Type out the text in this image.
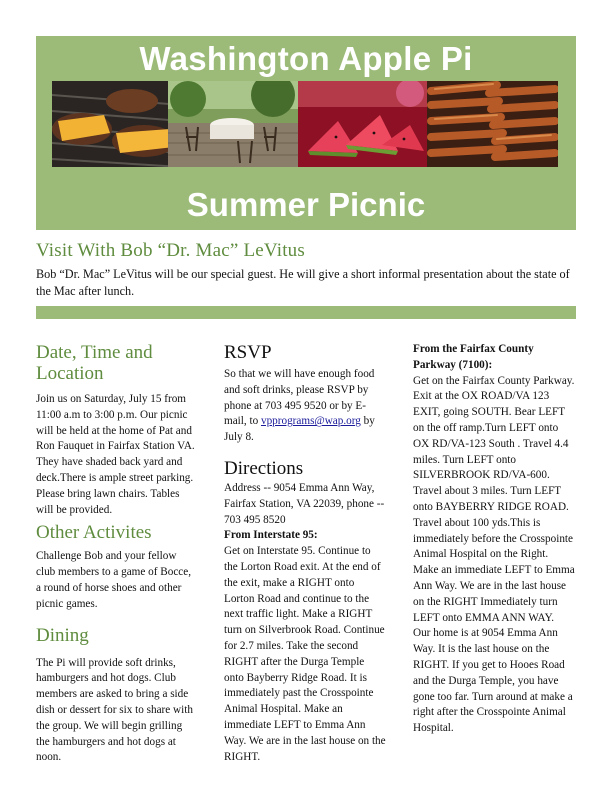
Washington Apple Pi
Summer Picnic
Visit With Bob “Dr. Mac” LeVitus
Bob “Dr. Mac” LeVitus will be our special guest. He will give a short informal presentation about the state of the Mac after lunch.
Date, Time and Location

Join us on Saturday, July 15 from 11:00 a.m to 3:00 p.m. Our picnic will be held at the home of Pat and Ron Fauquet in Fairfax Station VA. They have shaded back yard and deck.There is ample street parking. Please bring lawn chairs. Tables will be provided.

Other Activites

Challenge Bob and your fellow club members to a game of Bocce, a round of horse shoes and other picnic games.

Dining

The Pi will provide soft drinks, hamburgers and hot dogs. Club members are asked to bring a side dish or dessert for six to share with the group. We will begin grilling the hamburgers and hot dogs at noon.

RSVP

So that we will have enough food and soft drinks, please RSVP by phone at 703 495 9520 or by E-mail, to vpprograms@wap.org by July 8.

Directions

Address -- 9054 Emma Ann Way, Fairfax Station, VA 22039, phone -- 703 495 8520

From Interstate 95:

Get on Interstate 95. Continue to the Lorton Road exit. At the end of the exit, make a RIGHT onto Lorton Road and continue to the next traffic light. Make a RIGHT turn on Silverbrook Road. Continue for 2.7 miles. Take the second RIGHT after the Durga Temple onto Bayberry Ridge Road. It is immediately past the Crosspointe Animal Hospital. Make an immediate LEFT to Emma Ann Way. We are in the last house on the RIGHT.

From the Fairfax County Parkway (7100):

Get on the Fairfax County Parkway. Exit at the OX ROAD/VA 123 EXIT, going SOUTH. Bear LEFT on the off ramp.Turn LEFT onto OX RD/VA-123 South . Travel 4.4 miles. Turn LEFT onto SILVERBROOK RD/VA-600. Travel about 3 miles. Turn LEFT onto BAYBERRY RIDGE ROAD. Travel about 100 yds.This is immediately before the Crosspointe Animal Hospital on the Right. Make an immediate LEFT to Emma Ann Way. We are in the last house on the RIGHT Immediately turn LEFT onto EMMA ANN WAY.

Our home is at 9054 Emma Ann Way. It is the last house on the RIGHT. If you get to Hooes Road and the Durga Temple, you have gone too far. Turn around at make a right after the Crosspointe Animal Hospital.
